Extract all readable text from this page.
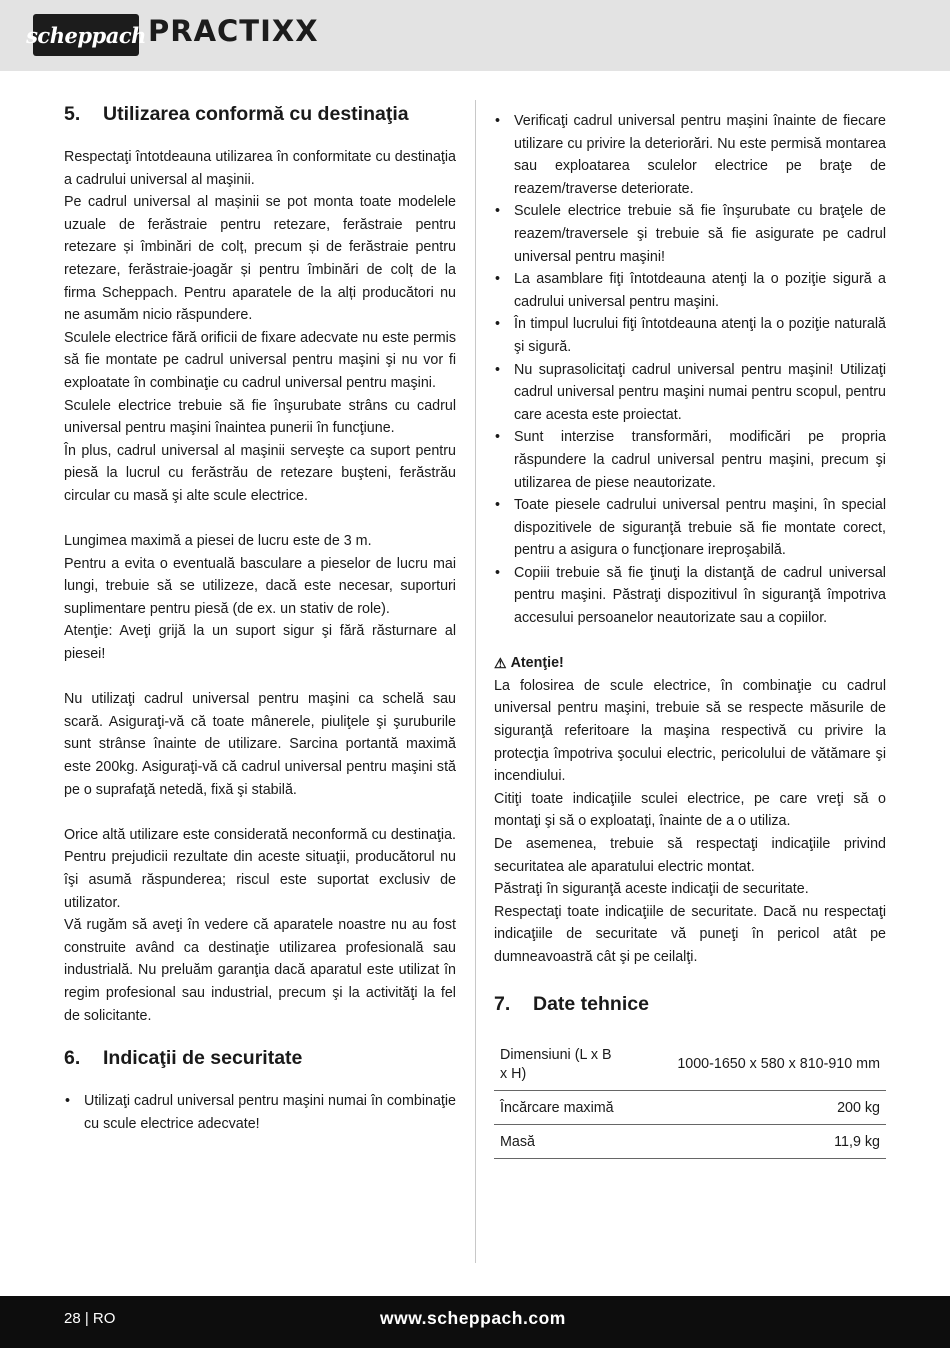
scheppach PRACTIXX
5.	Utilizarea conformă cu destinaţia

Respectaţi întotdeauna utilizarea în conformitate cu destinaţia a cadrului universal al maşinii.

Pe cadrul universal al mașinii se pot monta toate modelele uzuale de ferăstraie pentru retezare, ferăstraie pentru retezare și îmbinări de colț, precum și de ferăstraie pentru retezare, ferăstraie-joagăr și pentru îmbinări de colț de la firma Scheppach. Pentru aparatele de la alți producători nu ne asumăm nicio răspundere.

Sculele electrice fără orificii de fixare adecvate nu este permis să fie montate pe cadrul universal pentru maşini şi nu vor fi exploatate în combinaţie cu cadrul universal pentru maşini.

Sculele electrice trebuie să fie înşurubate strâns cu cadrul universal pentru maşini înaintea punerii în funcţiune.

În plus, cadrul universal al maşinii serveşte ca suport pentru piesă la lucrul cu ferăstrău de retezare buşteni, ferăstrău circular cu masă şi alte scule electrice.

Lungimea maximă a piesei de lucru este de 3 m.

Pentru a evita o eventuală basculare a pieselor de lucru mai lungi, trebuie să se utilizeze, dacă este necesar, suporturi suplimentare pentru piesă (de ex. un stativ de role).

Atenţie: Aveţi grijă la un suport sigur şi fără răsturnare al piesei!

Nu utilizaţi cadrul universal pentru maşini ca schelă sau scară. Asiguraţi-vă că toate mânerele, piuliţele şi şuruburile sunt strânse înainte de utilizare. Sarcina portantă maximă este 200kg. Asiguraţi-vă că cadrul universal pentru maşini stă pe o suprafaţă netedă, fixă şi stabilă.

Orice altă utilizare este considerată neconformă cu destinaţia. Pentru prejudicii rezultate din aceste situaţii, producătorul nu îşi asumă răspunderea; riscul este suportat exclusiv de utilizator.

Vă rugăm să aveţi în vedere că aparatele noastre nu au fost construite având ca destinaţie utilizarea profesională sau industrială. Nu preluăm garanţia dacă aparatul este utilizat în regim profesional sau industrial, precum şi la activităţi la fel de solicitante.

6.	Indicaţii de securitate
• Utilizaţi cadrul universal pentru maşini numai în combinaţie cu scule electrice adecvate!
• Verificaţi cadrul universal pentru maşini înainte de fiecare utilizare cu privire la deteriorări. Nu este permisă montarea sau exploatarea sculelor electrice pe braţe de reazem/traverse deteriorate.
• Sculele electrice trebuie să fie înşurubate cu braţele de reazem/traversele şi trebuie să fie asigurate pe cadrul universal pentru maşini!
• La asamblare fiţi întotdeauna atenţi la o poziţie sigură a cadrului universal pentru maşini.
• În timpul lucrului fiţi întotdeauna atenţi la o poziţie naturală şi sigură.
• Nu suprasolicitaţi cadrul universal pentru maşini! Utilizaţi cadrul universal pentru maşini numai pentru scopul, pentru care acesta este proiectat.
• Sunt interzise transformări, modificări pe propria răspundere la cadrul universal pentru maşini, precum şi utilizarea de piese neautorizate.
• Toate piesele cadrului universal pentru maşini, în special dispozitivele de siguranţă trebuie să fie montate corect, pentru a asigura o funcţionare ireproşabilă.
• Copiii trebuie să fie ţinuţi la distanţă de cadrul universal pentru maşini. Păstraţi dispozitivul în siguranţă împotriva accesului persoanelor neautorizate sau a copiilor.
⚠ Atenţie!

La folosirea de scule electrice, în combinaţie cu cadrul universal pentru maşini, trebuie să se respecte măsurile de siguranţă referitoare la maşina respectivă cu privire la protecţia împotriva şocului electric, pericolului de vătămare şi incendiului.

Citiţi toate indicaţiile sculei electrice, pe care vreţi să o montaţi şi să o exploataţi, înainte de a o utiliza.

De asemenea, trebuie să respectaţi indicaţiile privind securitatea ale aparatului electric montat.

Păstraţi în siguranţă aceste indicaţii de securitate.

Respectaţi toate indicaţiile de securitate. Dacă nu respectaţi indicaţiile de securitate vă puneţi în pericol atât pe dumneavoastră cât şi pe ceilalţi.

7.	Date tehnice
Dimensiuni (L x B x H)	1000-1650 x 580 x 810-910 mm
Încărcare maximă	200 kg
Masă	11,9 kg
28 | RO	www.scheppach.com
